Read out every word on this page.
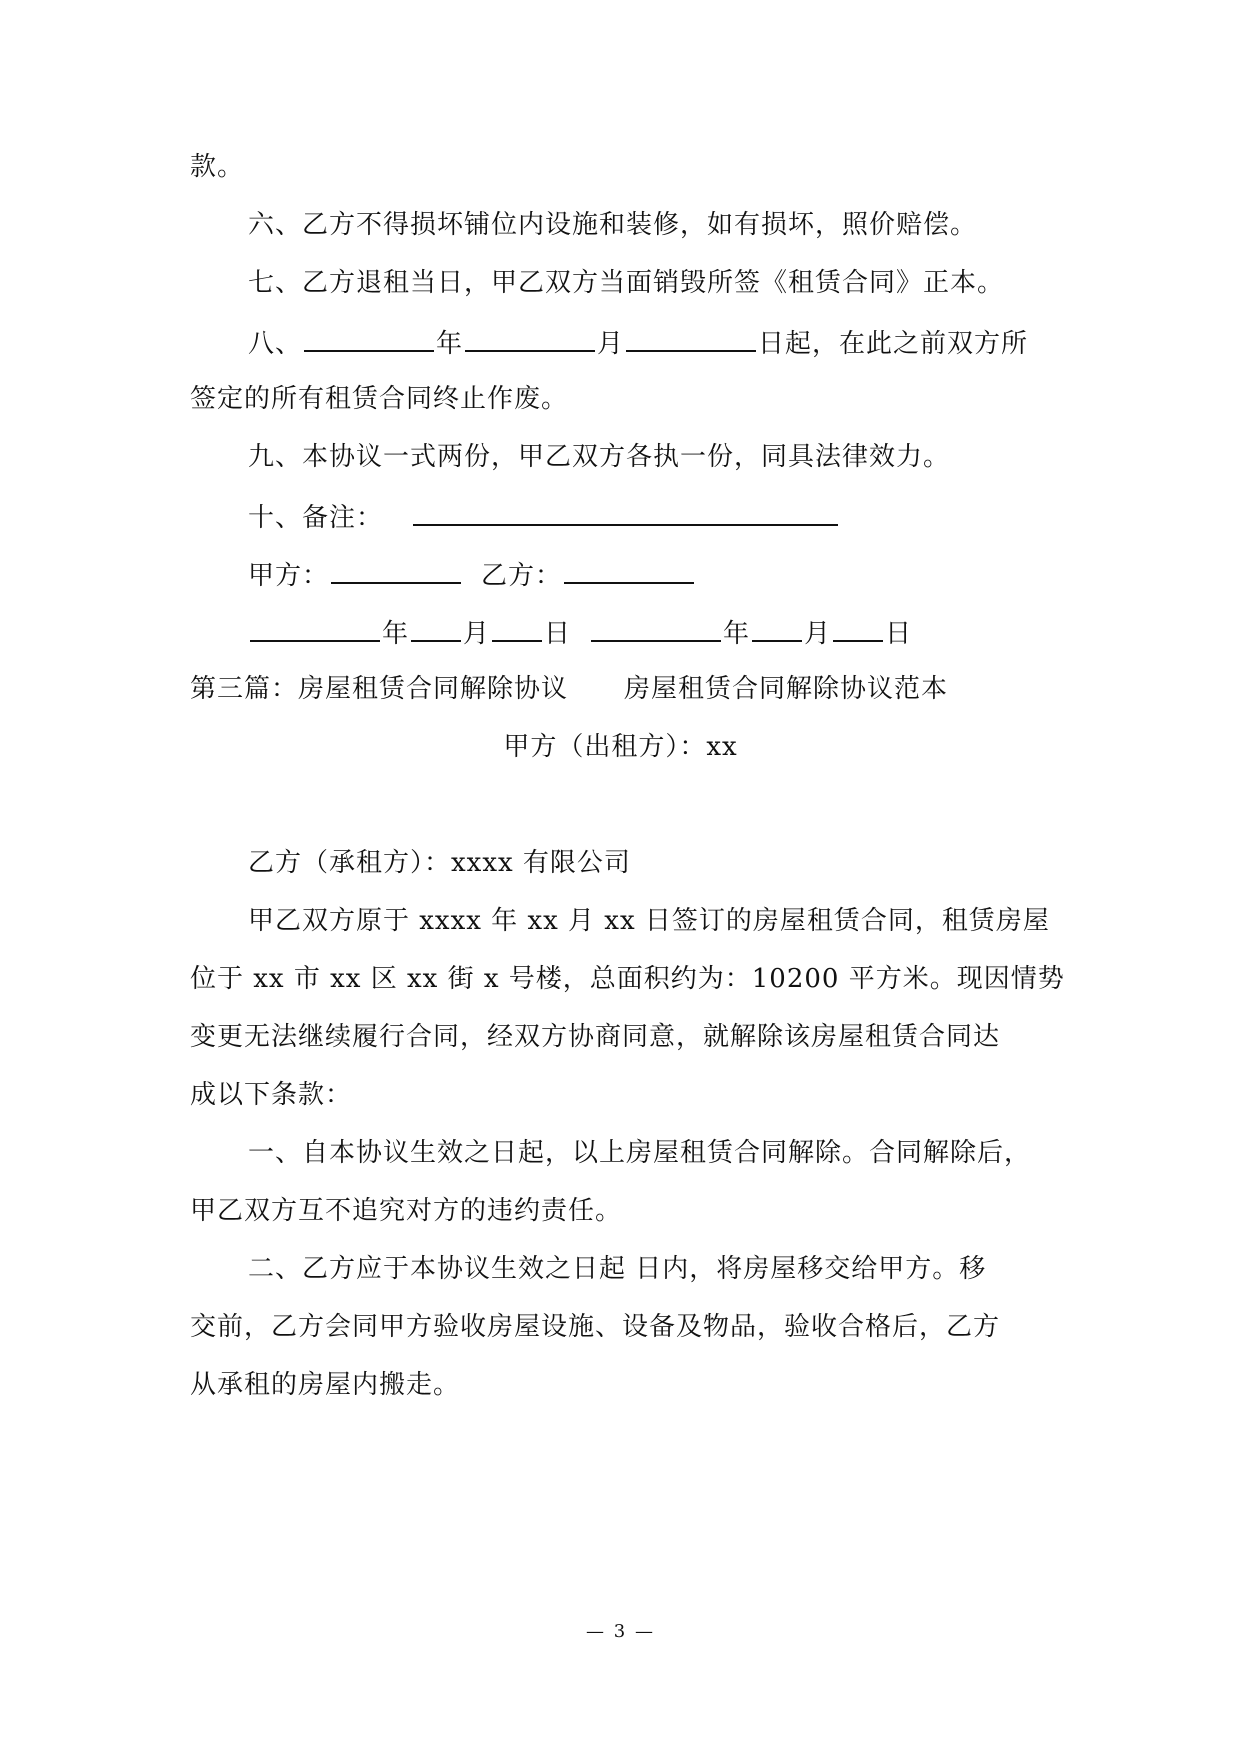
款。
六、乙方不得损坏铺位内设施和装修，如有损坏，照价赔偿。
七、乙方退租当日，甲乙双方当面销毁所签《租赁合同》正本。
八、	年	月	日起，在此之前双方所
签定的所有租赁合同终止作废。
九、本协议一式两份，甲乙双方各执一份，同具法律效力。
十、备注：
甲方：	乙方：
年 月 日	年 月 日
第三篇：房屋租赁合同解除协议 房屋租赁合同解除协议范本
甲方（出租方）：xx
乙方（承租方）：xxxx 有限公司
甲乙双方原于 xxxx 年 xx 月 xx 日签订的房屋租赁合同，租赁房屋
位于 xx 市 xx 区 xx 街 x 号楼，总面积约为：10200 平方米。现因情势
变更无法继续履行合同，经双方协商同意，就解除该房屋租赁合同达
成以下条款：
一、自本协议生效之日起，以上房屋租赁合同解除。合同解除后，
甲乙双方互不追究对方的违约责任。
二、乙方应于本协议生效之日起 日内，将房屋移交给甲方。移
交前，乙方会同甲方验收房屋设施、设备及物品，验收合格后，乙方
从承租的房屋内搬走。
— 3 —
